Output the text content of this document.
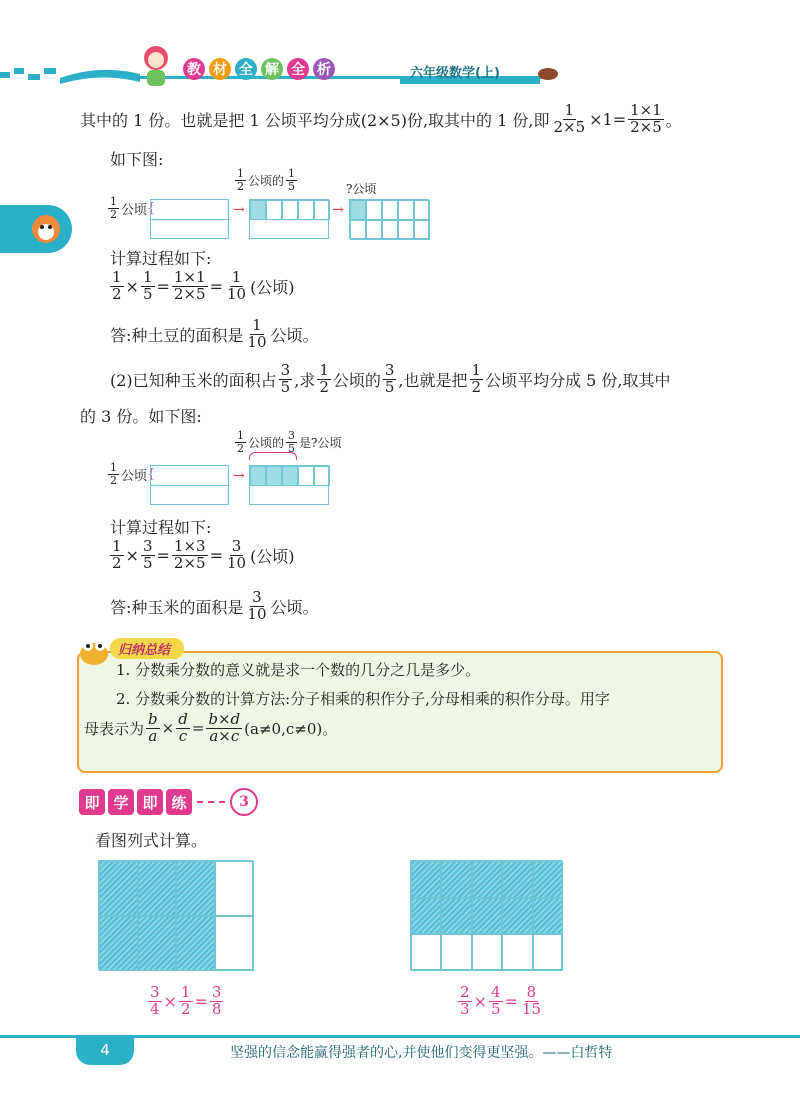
教 材 全 解 全 析	六年级数学(上)
其中的 1 份。也就是把 1 公顷平均分成(2×5)份,取其中的 1 份,即 $\frac{1}{2\times 5} \times 1= \frac{1\times 1}{2\times 5}$ 。
如下图:
$\frac{1}{2}$ 公顷 {	→
$\frac{1}{2}$ 公顷的 $\frac{1}{5}$
→
?公顷
计算过程如下:
$\frac{1}{2} \times \frac{1}{5} = \frac{1\times 1}{2\times 5} = \frac{1}{10}$ (公顷)
答:种土豆的面积是 $\frac{1}{10}$ 公顷。
(2)已知种玉米的面积占 $\frac{3}{5}$ ,求 $\frac{1}{2}$ 公顷的 $\frac{3}{5}$ ,也就是把 $\frac{1}{2}$ 公顷平均分成 5 份,取其中
的 3 份。如下图:
$\frac{1}{2}$ 公顷的 $\frac{3}{5}$ 是?公顷
$\frac{1}{2}$ 公顷 {	→
计算过程如下:
$\frac{1}{2} \times \frac{3}{5} = \frac{1\times 3}{2\times 5} = \frac{3}{10}$ (公顷)
答:种玉米的面积是 $\frac{3}{10}$ 公顷。
归纳总结
1. 分数乘分数的意义就是求一个数的几分之几是多少。
2. 分数乘分数的计算方法:分子相乘的积作分子,分母相乘的积作分母。用字
母表示为 $\frac{b}{a} \times \frac{d}{c} = \frac{b\times d}{a\times c} (a\ne 0,c\ne 0)$。
即 学 即 练	3
看图列式计算。
$\frac{3}{4} \times \frac{1}{2} = \frac{3}{8}$	$\frac{2}{3} \times \frac{4}{5} = \frac{8}{15}$
4	坚强的信念能赢得强者的心,并使他们变得更坚强。——白哲特
